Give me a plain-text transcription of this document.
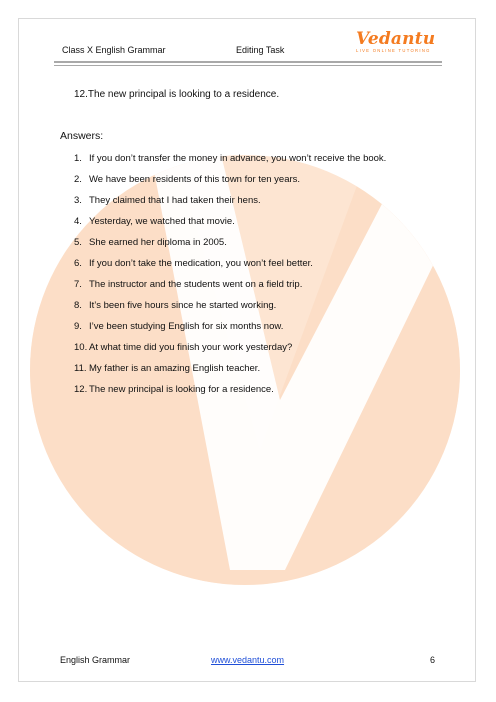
Class X English Grammar	Editing Task
Vedantu
LIVE ONLINE TUTORING
12.The new principal is looking to a residence.
Answers:
1. If you don’t transfer the money in advance, you won’t receive the book.
2. We have been residents of this town for ten years.
3. They claimed that I had taken their hens.
4. Yesterday, we watched that movie.
5. She earned her diploma in 2005.
6. If you don’t take the medication, you won’t feel better.
7. The instructor and the students went on a field trip.
8. It’s been five hours since he started working.
9. I’ve been studying English for six months now.
10. At what time did you finish your work yesterday?
11. My father is an amazing English teacher.
12. The new principal is looking for a residence.
English Grammar	www.vedantu.com	6
